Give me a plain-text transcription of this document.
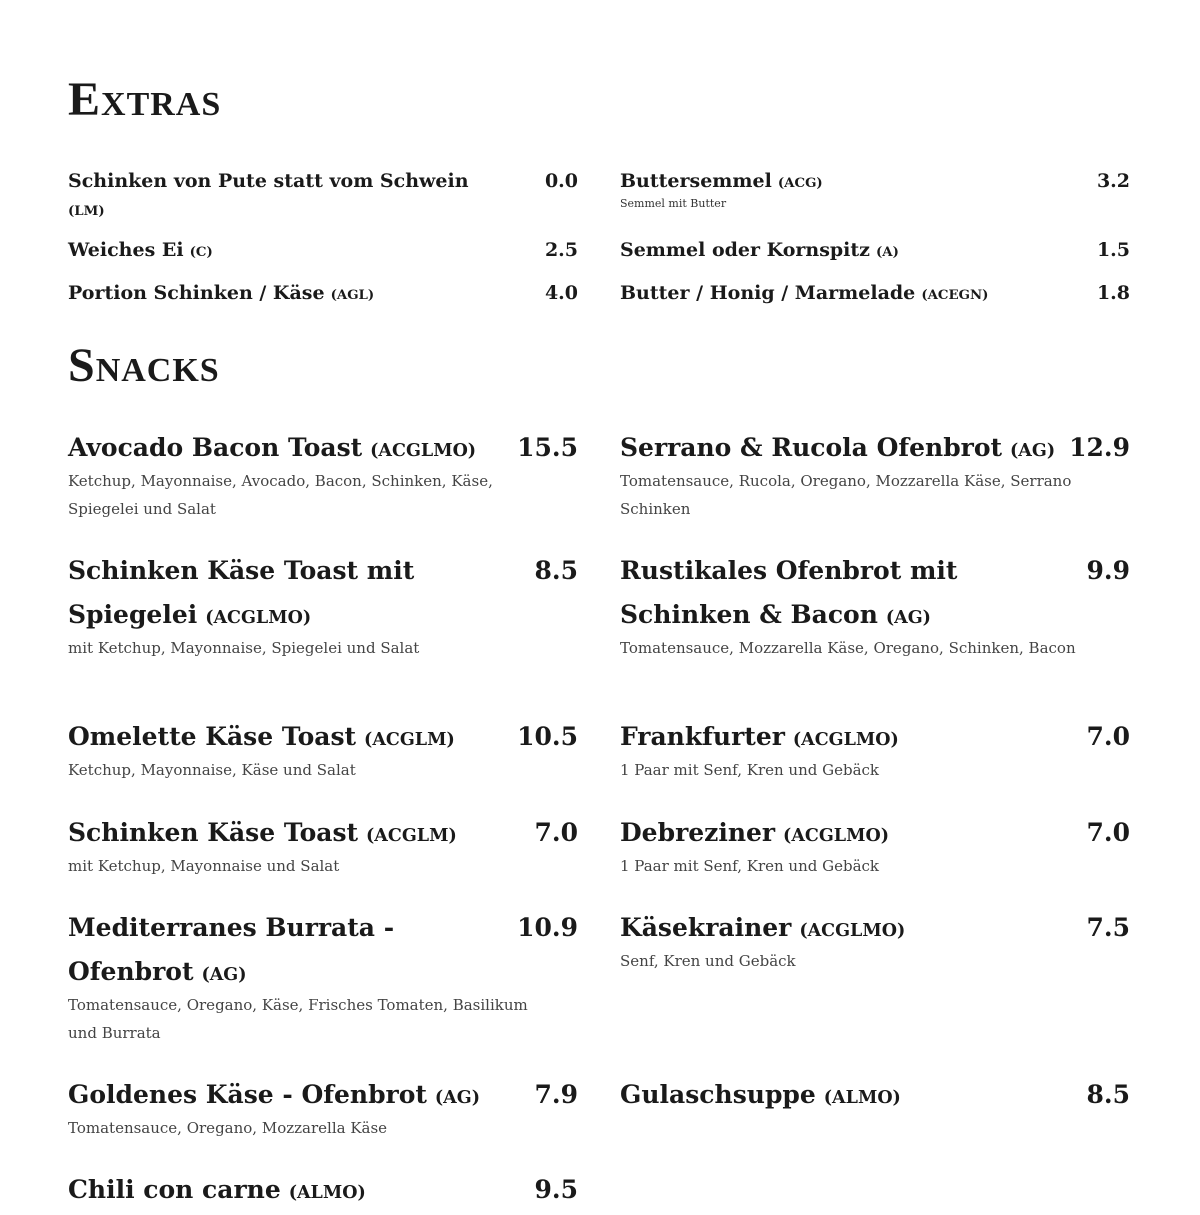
Extras
Schinken von Pute statt vom Schwein (LM)
0.0
Weiches Ei (C)	2.5
Portion Schinken / Käse (AGL)	4.0
Buttersemmel (ACG)	3.2
Semmel mit Butter
Semmel oder Kornspitz (A)	1.5
Butter / Honig / Marmelade (ACEGN)	1.8
Snacks
Avocado Bacon Toast (ACGLMO) 15.5
Ketchup, Mayonnaise, Avocado, Bacon, Schinken, Käse, Spiegelei und Salat
Schinken Käse Toast mit Spiegelei (ACGLMO)
8.5
mit Ketchup, Mayonnaise, Spiegelei und Salat
Omelette Käse Toast (ACGLM) 10.5
Ketchup, Mayonnaise, Käse und Salat
Schinken Käse Toast (ACGLM)	7.0
mit Ketchup, Mayonnaise und Salat
Mediterranes Burrata - Ofenbrot (AG)
10.9
Tomatensauce, Oregano, Käse, Frisches Tomaten, Basilikum und Burrata
Goldenes Käse - Ofenbrot (AG) 7.9
Tomatensauce, Oregano, Mozzarella Käse
Chili con carne (ALMO)	9.5
Serrano & Rucola Ofenbrot (AG) 12.9
Tomatensauce, Rucola, Oregano, Mozzarella Käse, Serrano Schinken
Rustikales Ofenbrot mit Schinken & Bacon (AG)
9.9
Tomatensauce, Mozzarella Käse, Oregano, Schinken, Bacon
Frankfurter (ACGLMO)	7.0
1 Paar mit Senf, Kren und Gebäck
Debreziner (ACGLMO)	7.0
1 Paar mit Senf, Kren und Gebäck
Käsekrainer (ACGLMO)	7.5
Senf, Kren und Gebäck
Gulaschsuppe (ALMO)	8.5
